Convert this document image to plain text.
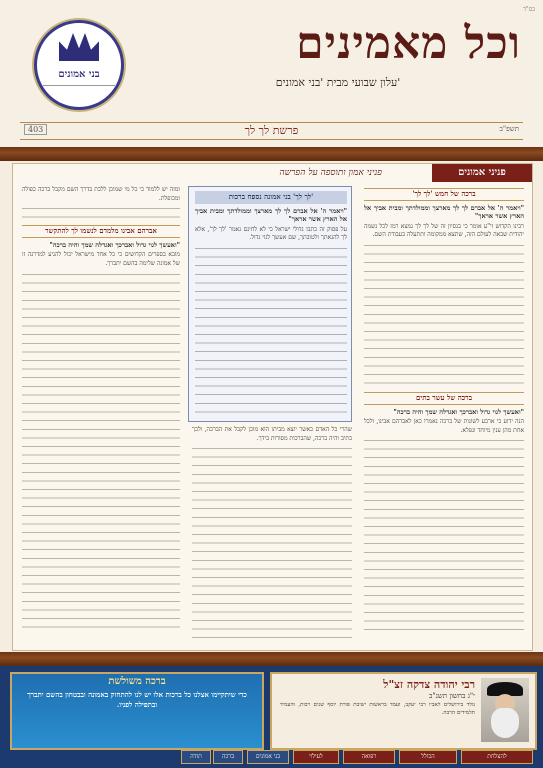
בס"ד
בני אמונים
וכל מאמינים
עלון שבועי מבית 'בני אמונים'
פרשת לך לך	תשפ"ב
403
פניני אמונים
פניני אמון ותוספה על הפרשה
ברכה של חמש 'לך לך'
"ויאמר ה' אל אברם לך לך מארצך וממולדתך ומבית אביך אל הארץ אשר אראך"
רבינו הקדוש זי"ע אומר כי בנסיון זה של לך לך נמצא רמז לכל נשמה יהודית שבאה לעולם הזה, שתצא ממקומה ותתעלה בעבודת השם.
ברכה של עשר בתים
"ואעשך לגוי גדול ואברכך ואגדלה שמך והיה ברכה"
הנה ידוע כי ארבע לשונות של ברכה נאמרו כאן לאברהם אבינו, ולכל אחת מהן ענין מיוחד ונפלא.
'לך לך' בני אמונה נספח ברכות
"ויאמר ה' אל אברם לך לך מארצך וממולדתך ומבית אביך אל הארץ אשר אראך"
על פסוק זה כתבו גדולי ישראל כי לא לחינם נאמר 'לך לך', אלא לך להנאתך ולטובתך, שם אעשך לגוי גדול.
שהרי כל האדם כאשר יוצא מביתו הוא מוכן לקבל את הברכה, ולכך כתיב והיה ברכה, שהברכות מסורות בידך.
ומזה יש ללמוד כי כל מי שמוכן ללכת בדרך השם מקבל ברכה כפולה ומכופלת.
אברהם אבינו מלמדם לנשמו לך להתקשר
"ואעשך לגוי גדול ואברכך ואגדלה שמך והיה ברכה"
מובא בספרים הקדושים כי כל אחד מישראל יכול להגיע למדרגה זו של אמונה שלימה בהשם יתברך.
ברכה משולשת
כדי שיתקיימו אצלנו כל ברכות אלו יש לנו להתחזק באמונה ובבטחון בהשם יתברך ובתפילה לפניו.
רבי יהודה צדקה זצ"ל
י"ג בחשון תשנ"ב
נולד בירושלים לאביו רבי יעקב, ועמד בראשות ישיבת פורת יוסף שנים רבות, והעמיד תלמידים הרבה.
להצלחת
הכולל
רפואה
לעילוי
בני אמונים
ברכה
תודה
